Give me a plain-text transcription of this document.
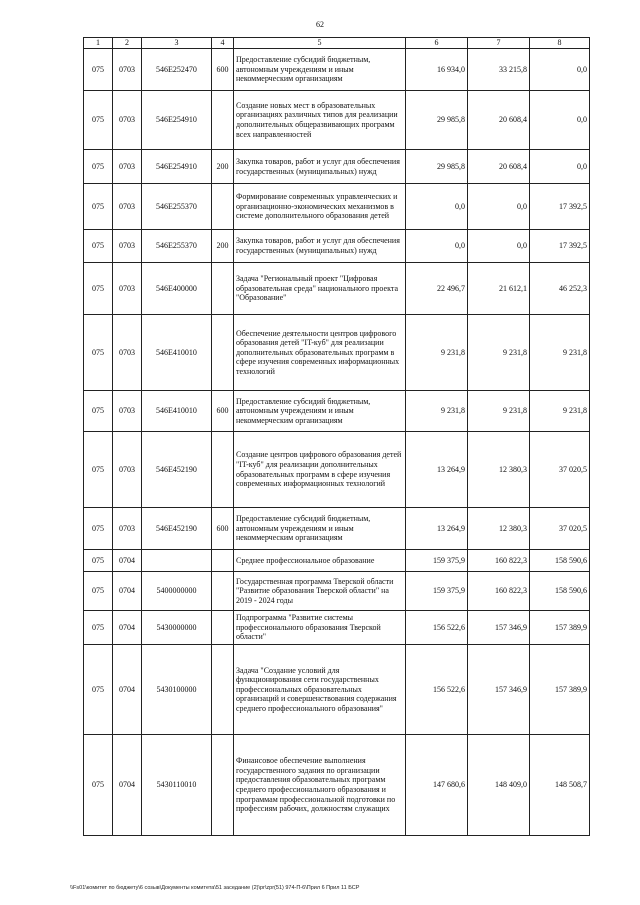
62
1	2	3	4	5	6	7	8
075	0703	546E252470	600	Предоставление субсидий бюджетным, автономным учреждениям и иным некоммерческим организациям	16 934,0	33 215,8	0,0
075	0703	546E254910		Создание новых мест в образовательных организациях различных типов для реализации дополнительных общеразвивающих программ всех направленностей	29 985,8	20 608,4	0,0
075	0703	546E254910	200	Закупка товаров, работ и услуг для обеспечения государственных (муниципальных) нужд	29 985,8	20 608,4	0,0
075	0703	546E255370		Формирование современных управленческих и организационно-экономических механизмов в системе дополнительного образования детей	0,0	0,0	17 392,5
075	0703	546E255370	200	Закупка товаров, работ и услуг для обеспечения государственных (муниципальных) нужд	0,0	0,0	17 392,5
075	0703	546E400000		Задача "Региональный проект "Цифровая образовательная среда" национального проекта "Образование"	22 496,7	21 612,1	46 252,3
075	0703	546E410010		Обеспечение деятельности центров цифрового образования детей "IT-куб" для реализации дополнительных образовательных программ в сфере изучения современных информационных технологий	9 231,8	9 231,8	9 231,8
075	0703	546E410010	600	Предоставление субсидий бюджетным, автономным учреждениям и иным некоммерческим организациям	9 231,8	9 231,8	9 231,8
075	0703	546E452190		Создание центров цифрового образования детей "IT-куб" для реализации дополнительных образовательных программ в сфере изучения современных информационных технологий	13 264,9	12 380,3	37 020,5
075	0703	546E452190	600	Предоставление субсидий бюджетным, автономным учреждениям и иным некоммерческим организациям	13 264,9	12 380,3	37 020,5
075	0704			Среднее профессиональное образование	159 375,9	160 822,3	158 590,6
075	0704	5400000000		Государственная программа Тверской области "Развитие образования Тверской области" на 2019 - 2024 годы	159 375,9	160 822,3	158 590,6
075	0704	5430000000		Подпрограмма "Развитие системы профессионального образования Тверской области"	156 522,6	157 346,9	157 389,9
075	0704	5430100000		Задача "Создание условий для функционирования сети государственных профессиональных образовательных организаций и совершенствования содержания среднего профессионального образования"	156 522,6	157 346,9	157 389,9
075	0704	5430110010		Финансовое обеспечение выполнения государственного задания по организации предоставления образовательных программ среднего профессионального образования и программам профессиональной подготовки по профессиям рабочих, должностям служащих	147 680,6	148 409,0	148 508,7
\\Fs01\комитет по бюджету\6 созыв\Документы комитета\51 заседание (2)\pr\zpr(51) 974-П-6\Прил 6 Прил 11 БСР
